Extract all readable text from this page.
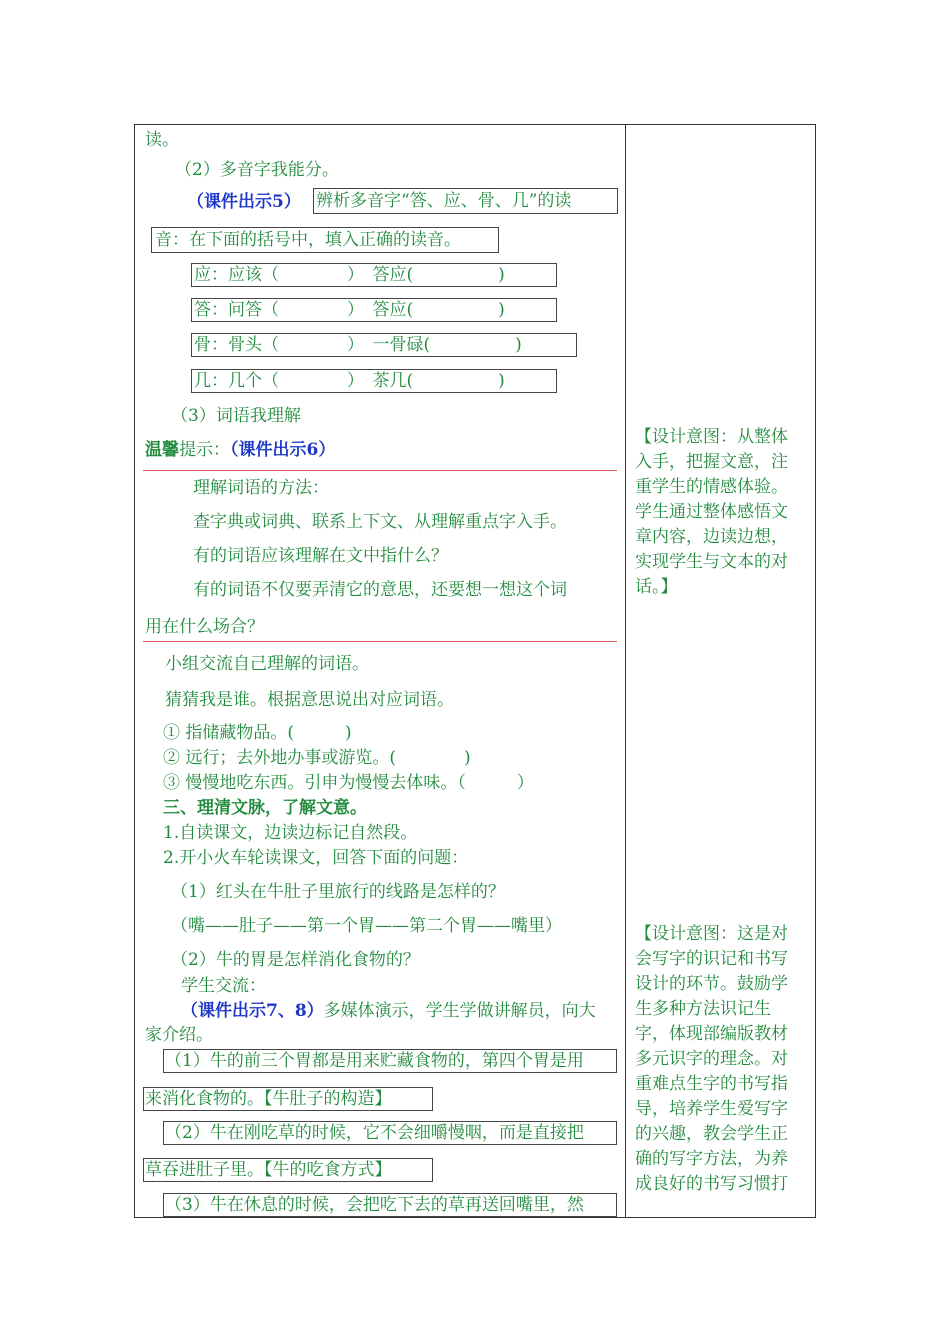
读。
（2）多音字我能分。
（课件出示5） 辨析多音字“答、应、骨、几”的读
音：在下面的括号中，填入正确的读音。
应：应该（　　　　）　答应(　　　　　)
答：问答（　　　　）　答应(　　　　　)
骨：骨头（　　　　）　一骨碌(　　　　　)
几：几个（　　　　）　茶几(　　　　　)
（3）词语我理解
温馨提示：（课件出示6）
理解词语的方法：
查字典或词典、联系上下文、从理解重点字入手。
有的词语应该理解在文中指什么？
有的词语不仅要弄清它的意思，还要想一想这个词
用在什么场合？
小组交流自己理解的词语。
猜猜我是谁。根据意思说出对应词语。
① 指储藏物品。(　　　)
② 远行；去外地办事或游览。(　　　　)
③ 慢慢地吃东西。引申为慢慢去体味。（　　　）
三、理清文脉，了解文意。
1.自读课文，边读边标记自然段。
2.开小火车轮读课文，回答下面的问题：
（1）红头在牛肚子里旅行的线路是怎样的？
（嘴——肚子——第一个胃——第二个胃——嘴里）
（2）牛的胃是怎样消化食物的？
学生交流：
（课件出示7、8）多媒体演示，学生学做讲解员，向大
家介绍。
（1）牛的前三个胃都是用来贮藏食物的，第四个胃是用
来消化食物的。【牛肚子的构造】
（2）牛在刚吃草的时候，它不会细嚼慢咽，而是直接把
草吞进肚子里。【牛的吃食方式】
（3）牛在休息的时候，会把吃下去的草再送回嘴里，然
【设计意图：从整体
入手，把握文意，注
重学生的情感体验。
学生通过整体感悟文
章内容，边读边想，
实现学生与文本的对
话。】
【设计意图：这是对
会写字的识记和书写
设计的环节。鼓励学
生多种方法识记生
字，体现部编版教材
多元识字的理念。对
重难点生字的书写指
导，培养学生爱写字
的兴趣，教会学生正
确的写字方法，为养
成良好的书写习惯打
